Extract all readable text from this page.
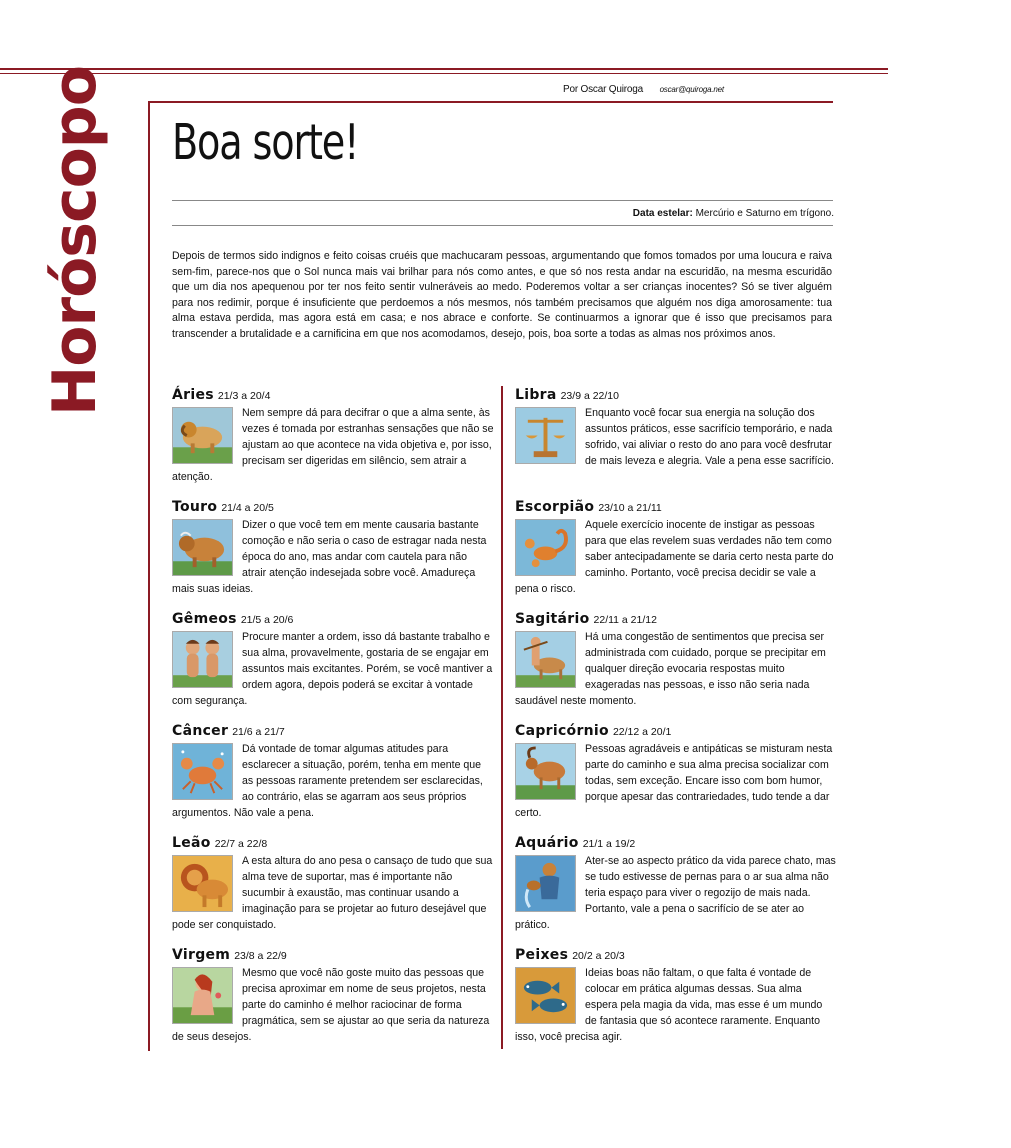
Por Oscar Quiroga oscar@quiroga.net
Horóscopo Boa sorte!
Data estelar: Mercúrio e Saturno em trígono.
Depois de termos sido indignos e feito coisas cruéis que machucaram pessoas, argumentando que fomos tomados por uma loucura e raiva sem-fim, parece-nos que o Sol nunca mais vai brilhar para nós como antes, e que só nos resta andar na escuridão, na mesma escuridão que um dia nos apequenou por ter nos feito sentir vulneráveis ao medo. Poderemos voltar a ser crianças inocentes? Só se tiver alguém para nos redimir, porque é insuficiente que perdoemos a nós mesmos, nós também precisamos que alguém nos diga amorosamente: tua alma estava perdida, mas agora está em casa; e nos abrace e conforte. Se continuarmos a ignorar que é isso que precisamos para transcender a brutalidade e a carnificina em que nos acomodamos, desejo, pois, boa sorte a todas as almas nos próximos anos.
Áries 21/3 a 20/4
Nem sempre dá para decifrar o que a alma sente, às vezes é tomada por estranhas sensações que não se ajustam ao que acontece na vida objetiva e, por isso, precisam ser digeridas em silêncio, sem atrair a atenção.
Touro 21/4 a 20/5
Dizer o que você tem em mente causaria bastante comoção e não seria o caso de estragar nada nesta época do ano, mas andar com cautela para não atrair atenção indesejada sobre você. Amadureça mais suas ideias.
Gêmeos 21/5 a 20/6
Procure manter a ordem, isso dá bastante trabalho e sua alma, provavelmente, gostaria de se engajar em assuntos mais excitantes. Porém, se você mantiver a ordem agora, depois poderá se excitar à vontade com segurança.
Câncer 21/6 a 21/7
Dá vontade de tomar algumas atitudes para esclarecer a situação, porém, tenha em mente que as pessoas raramente pretendem ser esclarecidas, ao contrário, elas se agarram aos seus próprios argumentos. Não vale a pena.
Leão 22/7 a 22/8
A esta altura do ano pesa o cansaço de tudo que sua alma teve de suportar, mas é importante não sucumbir à exaustão, mas continuar usando a imaginação para se projetar ao futuro desejável que pode ser conquistado.
Virgem 23/8 a 22/9
Mesmo que você não goste muito das pessoas que precisa aproximar em nome de seus projetos, nesta parte do caminho é melhor raciocinar de forma pragmática, sem se ajustar ao que seria da natureza de seus desejos.
Libra 23/9 a 22/10
Enquanto você focar sua energia na solução dos assuntos práticos, esse sacrifício temporário, e nada sofrido, vai aliviar o resto do ano para você desfrutar de mais leveza e alegria. Vale a pena esse sacrifício.
Escorpião 23/10 a 21/11
Aquele exercício inocente de instigar as pessoas para que elas revelem suas verdades não tem como saber antecipadamente se daria certo nesta parte do caminho. Portanto, você precisa decidir se vale a pena o risco.
Sagitário 22/11 a 21/12
Há uma congestão de sentimentos que precisa ser administrada com cuidado, porque se precipitar em qualquer direção evocaria respostas muito exageradas nas pessoas, e isso não seria nada saudável neste momento.
Capricórnio 22/12 a 20/1
Pessoas agradáveis e antipáticas se misturam nesta parte do caminho e sua alma precisa socializar com todas, sem exceção. Encare isso com bom humor, porque apesar das contrariedades, tudo tende a dar certo.
Aquário 21/1 a 19/2
Ater-se ao aspecto prático da vida parece chato, mas se tudo estivesse de pernas para o ar sua alma não teria espaço para viver o regozijo de mais nada. Portanto, vale a pena o sacrifício de se ater ao prático.
Peixes 20/2 a 20/3
Ideias boas não faltam, o que falta é vontade de colocar em prática algumas dessas. Sua alma espera pela magia da vida, mas esse é um mundo de fantasia que só acontece raramente. Enquanto isso, você precisa agir.
